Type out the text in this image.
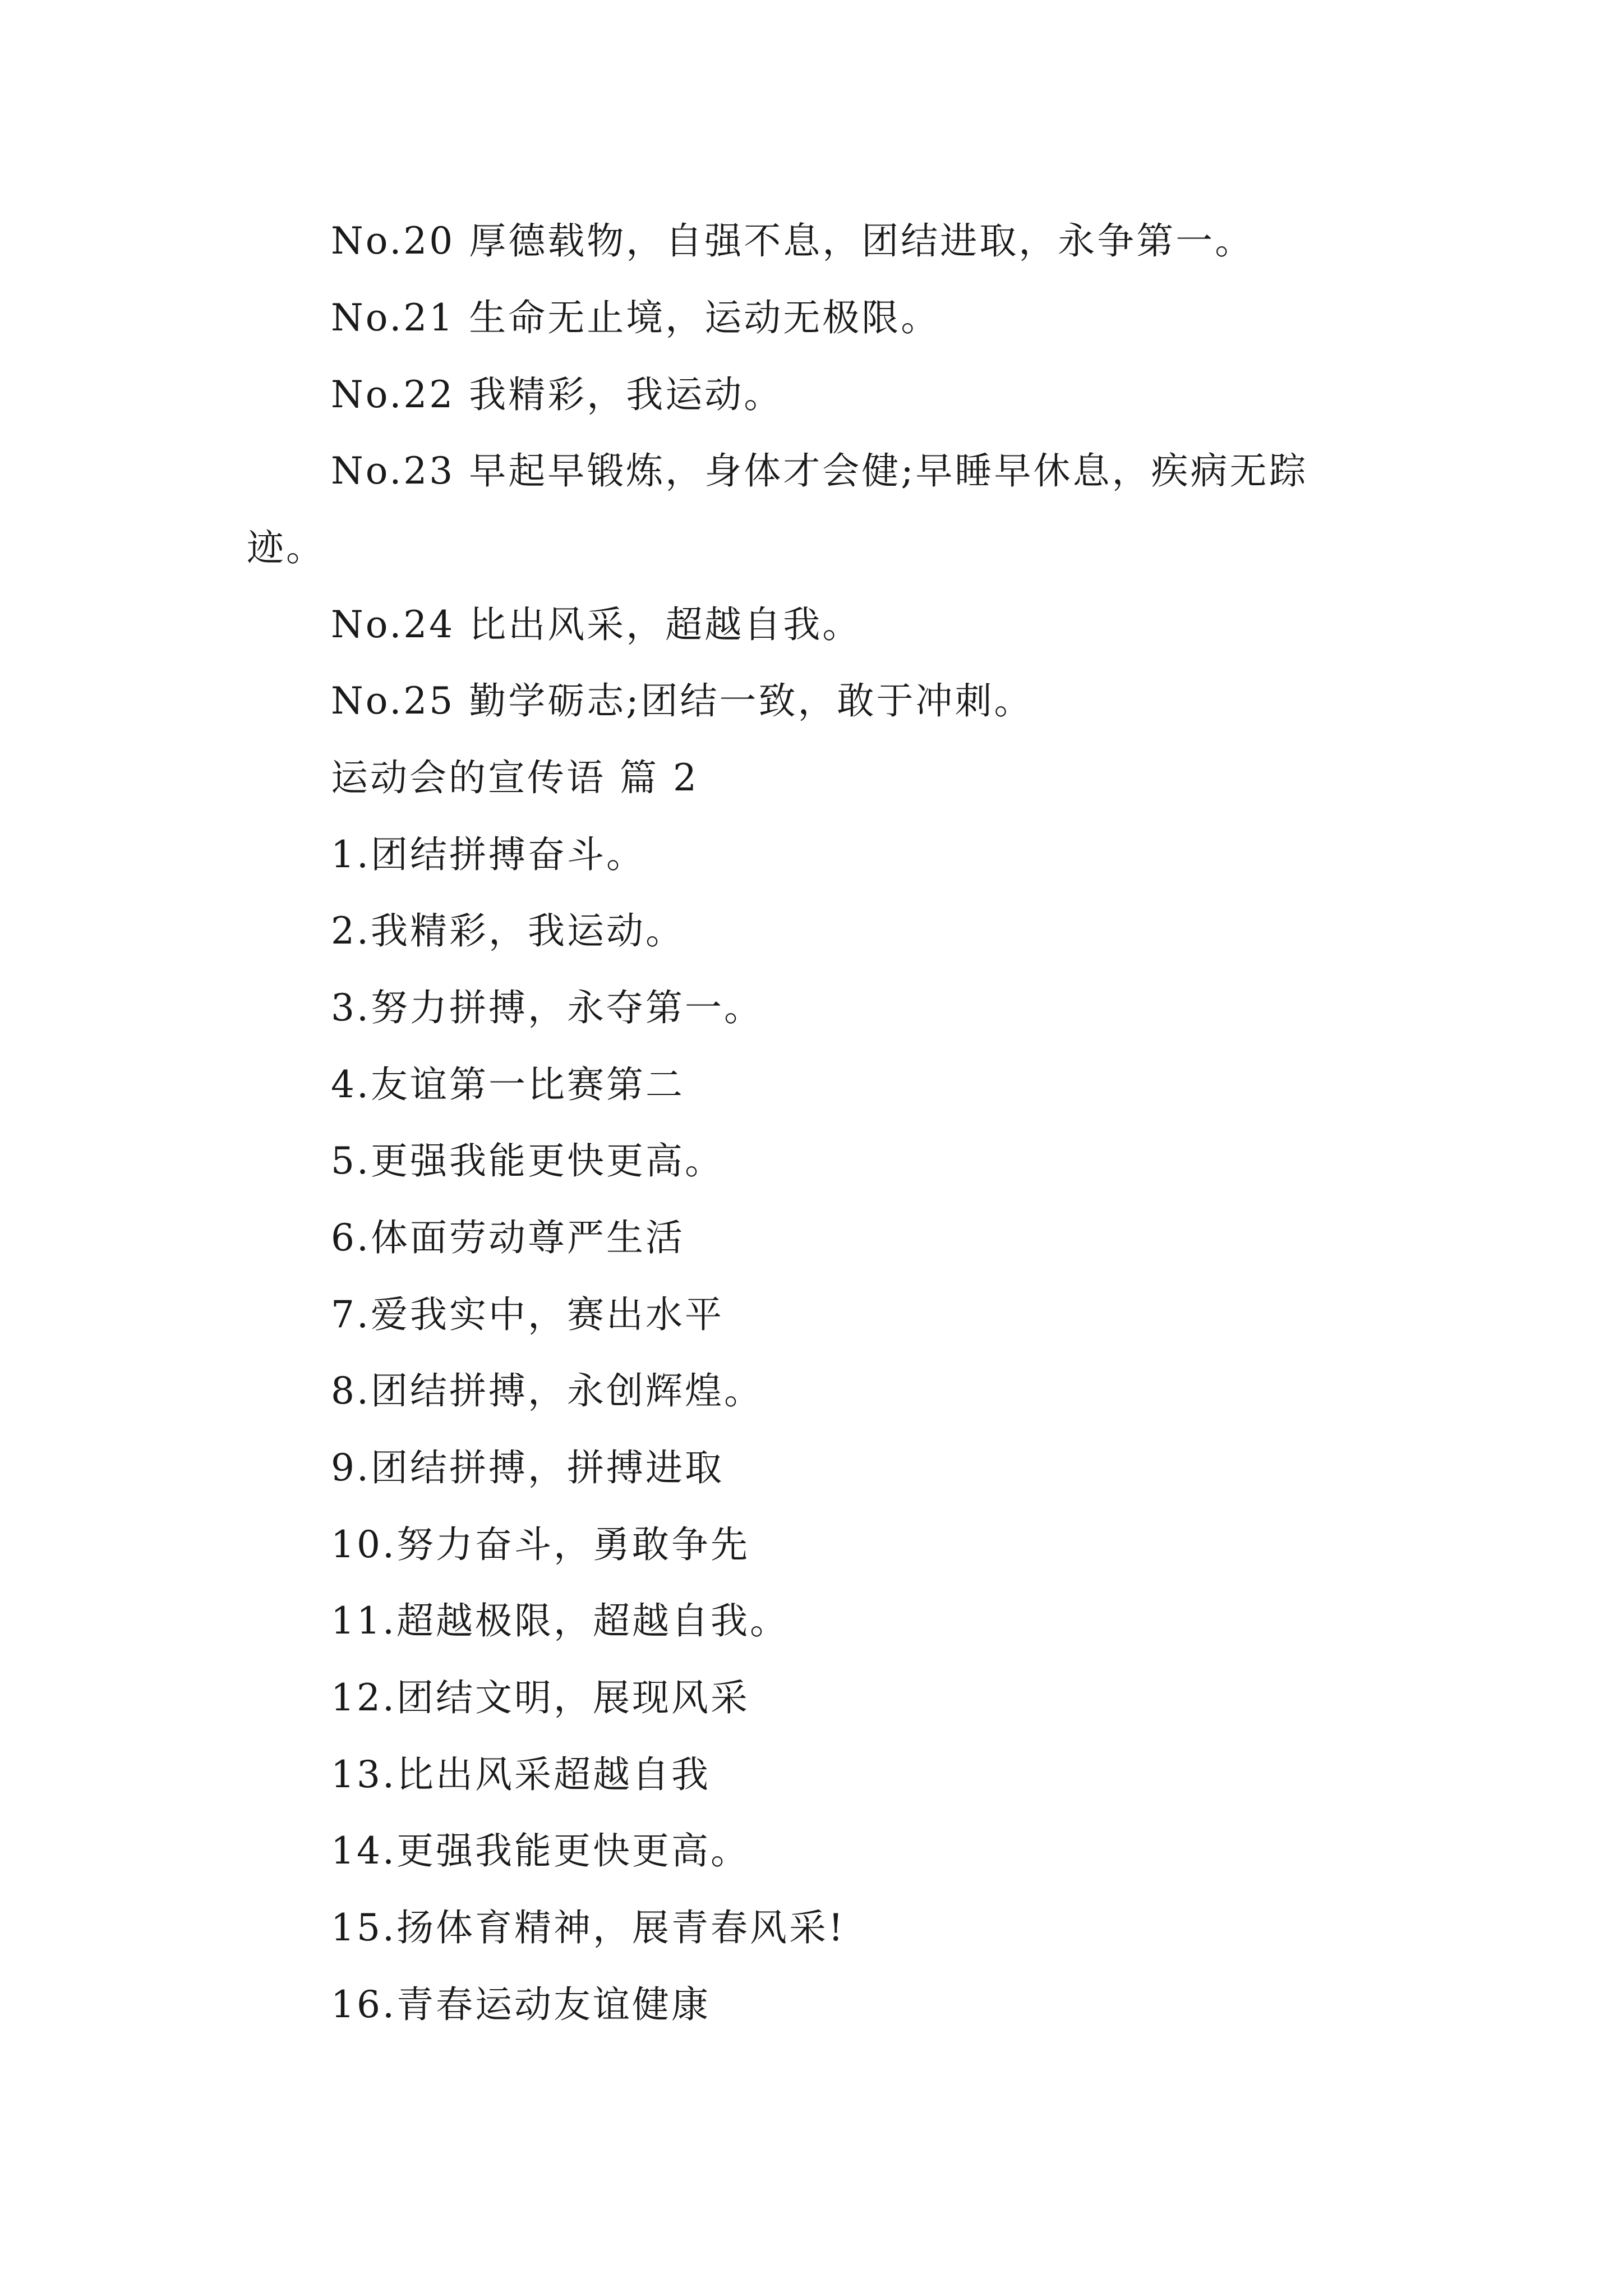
No.20 厚德载物，自强不息，团结进取，永争第一。
No.21 生命无止境，运动无极限。
No.22 我精彩，我运动。
No.23 早起早锻炼，身体才会健;早睡早休息，疾病无踪
迹。
No.24 比出风采，超越自我。
No.25 勤学砺志;团结一致，敢于冲刺。
运动会的宣传语 篇 2
1.团结拼搏奋斗。
2.我精彩，我运动。
3.努力拼搏，永夺第一。
4.友谊第一比赛第二
5.更强我能更快更高。
6.体面劳动尊严生活
7.爱我实中，赛出水平
8.团结拼搏，永创辉煌。
9.团结拼搏，拼搏进取
10.努力奋斗，勇敢争先
11.超越极限，超越自我。
12.团结文明，展现风采
13.比出风采超越自我
14.更强我能更快更高。
15.扬体育精神，展青春风采!
16.青春运动友谊健康
